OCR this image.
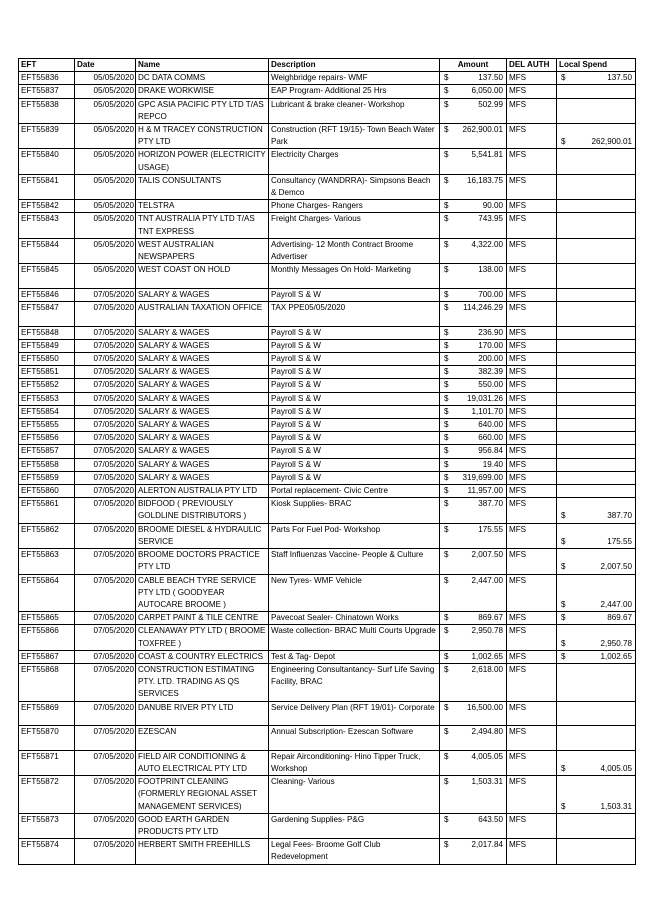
EFT	Date	Name	Description	Amount	DEL AUTH	Local Spend
EFT55836	05/05/2020	DC DATA COMMS	Weighbridge repairs- WMF	$ 137.50	MFS	$ 137.50

EFT55837	05/05/2020	DRAKE WORKWISE	EAP Program- Additional 25 Hrs	$ 6,050.00	MFS	
EFT55838	05/05/2020	GPC ASIA PACIFIC PTY LTD T/AS REPCO	Lubricant & brake cleaner- Workshop	$ 502.99	MFS	
EFT55839	05/05/2020	H & M TRACEY CONSTRUCTION PTY LTD	Construction (RFT 19/15)- Town Beach Water Park	$ 262,900.01	MFS	$ 262,900.01

EFT55840	05/05/2020	HORIZON POWER (ELECTRICITY USAGE)	Electricity Charges	$ 5,541.81	MFS	
EFT55841	05/05/2020	TALIS CONSULTANTS	Consultancy (WANDRRA)- Simpsons Beach & Demco	$ 16,183.75	MFS	
EFT55842	05/05/2020	TELSTRA	Phone Charges- Rangers	$ 90.00	MFS	
EFT55843	05/05/2020	TNT AUSTRALIA PTY LTD T/AS TNT EXPRESS	Freight Charges- Various	$ 743.95	MFS	
EFT55844	05/05/2020	WEST AUSTRALIAN NEWSPAPERS	Advertising- 12 Month Contract Broome Advertiser	$ 4,322.00	MFS	
EFT55845	05/05/2020	WEST COAST ON HOLD	Monthly Messages On Hold- Marketing	$ 138.00	MFS	
EFT55846	07/05/2020	SALARY & WAGES	Payroll S & W	$ 700.00	MFS	
EFT55847	07/05/2020	AUSTRALIAN TAXATION OFFICE	TAX PPE05/05/2020	$ 114,246.29	MFS	
EFT55848	07/05/2020	SALARY & WAGES	Payroll S & W	$ 236.90	MFS	
EFT55849	07/05/2020	SALARY & WAGES	Payroll S & W	$ 170.00	MFS	
EFT55850	07/05/2020	SALARY & WAGES	Payroll S & W	$ 200.00	MFS	
EFT55851	07/05/2020	SALARY & WAGES	Payroll S & W	$ 382.39	MFS	
EFT55852	07/05/2020	SALARY & WAGES	Payroll S & W	$ 550.00	MFS	
EFT55853	07/05/2020	SALARY & WAGES	Payroll S & W	$ 19,031.26	MFS	
EFT55854	07/05/2020	SALARY & WAGES	Payroll S & W	$ 1,101.70	MFS	
EFT55855	07/05/2020	SALARY & WAGES	Payroll S & W	$ 640.00	MFS	
EFT55856	07/05/2020	SALARY & WAGES	Payroll S & W	$ 660.00	MFS	
EFT55857	07/05/2020	SALARY & WAGES	Payroll S & W	$ 956.84	MFS	
EFT55858	07/05/2020	SALARY & WAGES	Payroll S & W	$ 19.40	MFS	
EFT55859	07/05/2020	SALARY & WAGES	Payroll S & W	$ 319,699.00	MFS	
EFT55860	07/05/2020	ALERTON AUSTRALIA PTY LTD	Portal replacement- Civic Centre	$ 11,957.00	MFS	
EFT55861	07/05/2020	BIDFOOD ( PREVIOUSLY GOLDLINE DISTRIBUTORS )	Kiosk Supplies- BRAC	$ 387.70	MFS	$ 387.70

EFT55862	07/05/2020	BROOME DIESEL & HYDRAULIC SERVICE	Parts For Fuel Pod- Workshop	$ 175.55	MFS	$ 175.55

EFT55863	07/05/2020	BROOME DOCTORS PRACTICE PTY LTD	Staff Influenzas Vaccine- People & Culture	$ 2,007.50	MFS	$ 2,007.50

EFT55864	07/05/2020	CABLE BEACH TYRE SERVICE PTY LTD ( GOODYEAR AUTOCARE BROOME )	New Tyres- WMF Vehicle	$ 2,447.00	MFS	$ 2,447.00

EFT55865	07/05/2020	CARPET PAINT & TILE CENTRE	Pavecoat Sealer- Chinatown Works	$ 869.67	MFS	$ 869.67

EFT55866	07/05/2020	CLEANAWAY PTY LTD ( BROOME TOXFREE )	Waste collection- BRAC Multi Courts Upgrade	$ 2,950.78	MFS	$ 2,950.78

EFT55867	07/05/2020	COAST & COUNTRY ELECTRICS	Test & Tag- Depot	$ 1,002.65	MFS	$ 1,002.65

EFT55868	07/05/2020	CONSTRUCTION ESTIMATING PTY. LTD. TRADING AS QS SERVICES	Engineering Consultantancy- Surf Life Saving Facility, BRAC	$ 2,618.00	MFS	
EFT55869	07/05/2020	DANUBE RIVER PTY LTD	Service Delivery Plan (RFT 19/01)- Corporate	$ 16,500.00	MFS	
EFT55870	07/05/2020	EZESCAN	Annual Subscription- Ezescan Software	$ 2,494.80	MFS	
EFT55871	07/05/2020	FIELD AIR CONDITIONING & AUTO ELECTRICAL PTY LTD	Repair Airconditioning- Hino Tipper Truck, Workshop	$ 4,005.05	MFS	$ 4,005.05

EFT55872	07/05/2020	FOOTPRINT CLEANING (FORMERLY REGIONAL ASSET MANAGEMENT SERVICES)	Cleaning- Various	$ 1,503.31	MFS	$ 1,503.31

EFT55873	07/05/2020	GOOD EARTH GARDEN PRODUCTS PTY LTD	Gardening Supplies- P&G	$ 643.50	MFS	
EFT55874	07/05/2020	HERBERT SMITH FREEHILLS	Legal Fees- Broome Golf Club Redevelopment	$ 2,017.84	MFS	
